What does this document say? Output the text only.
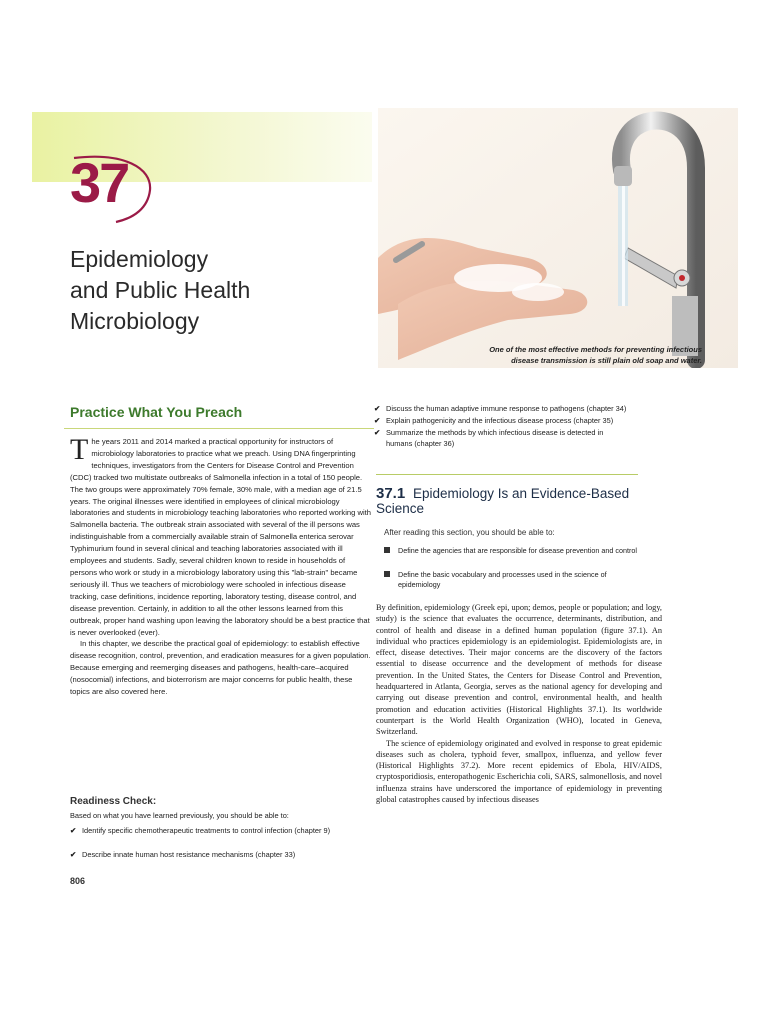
37
Epidemiology
and Public Health
Microbiology
One of the most effective methods for preventing infectious
disease transmission is still plain old soap and water.
Practice What You Preach

The years 2011 and 2014 marked a practical opportunity for instructors of microbiology laboratories to practice what we preach. Using DNA fingerprinting techniques, investigators from the Centers for Disease Control and Prevention (CDC) tracked two multistate outbreaks of Salmonella infection in a total of 150 people. The two groups were approximately 70% female, 30% male, with a median age of 21.5 years. The original illnesses were identified in employees of clinical microbiology laboratories and students in microbiology teaching laboratories who reported working with Salmonella bacteria. The outbreak strain associated with several of the ill persons was indistinguishable from a commercially available strain of Salmonella enterica serovar Typhimurium found in several clinical and teaching laboratories associated with ill employees and students. Sadly, several children known to reside in households of persons who work or study in a microbiology laboratory using this "lab-strain" became seriously ill. Thus we teachers of microbiology were schooled in infectious disease tracking, case definitions, incidence reporting, laboratory testing, disease control, and disease prevention. Certainly, in addition to all the other lessons learned from this outbreak, proper hand washing upon leaving the laboratory should be a best practice that is never overlooked (ever).

In this chapter, we describe the practical goal of epidemiology: to establish effective disease recognition, control, prevention, and eradication measures for a given population. Because emerging and reemerging diseases and pathogens, health-care–acquired (nosocomial) infections, and bioterrorism are major concerns for public health, these topics are also covered here.

Readiness Check:
Based on what you have learned previously, you should be able to:
✔ Identify specific chemotherapeutic treatments to control infection (chapter 9)
✔ Describe innate human host resistance mechanisms (chapter 33)
806
✔ Discuss the human adaptive immune response to pathogens (chapter 34)
✔ Explain pathogenicity and the infectious disease process (chapter 35)
✔ Summarize the methods by which infectious disease is detected in humans (chapter 36)
37.1 Epidemiology Is an Evidence-Based Science
After reading this section, you should be able to:
Define the agencies that are responsible for disease prevention and control
Define the basic vocabulary and processes used in the science of epidemiology

By definition, epidemiology (Greek epi, upon; demos, people or population; and logy, study) is the science that evaluates the occurrence, determinants, distribution, and control of health and disease in a defined human population (figure 37.1). An individual who practices epidemiology is an epidemiologist. Epidemiologists are, in effect, disease detectives. Their major concerns are the discovery of the factors essential to disease occurrence and the development of methods for disease prevention. In the United States, the Centers for Disease Control and Prevention, headquartered in Atlanta, Georgia, serves as the national agency for developing and carrying out disease prevention and control, environmental health, and health promotion and education activities (Historical Highlights 37.1). Its worldwide counterpart is the World Health Organization (WHO), located in Geneva, Switzerland.

The science of epidemiology originated and evolved in response to great epidemic diseases such as cholera, typhoid fever, smallpox, influenza, and yellow fever (Historical Highlights 37.2). More recent epidemics of Ebola, HIV/AIDS, cryptosporidiosis, enteropathogenic Escherichia coli, SARS, salmonellosis, and novel influenza strains have underscored the importance of epidemiology in preventing global catastrophes caused by infectious diseases
